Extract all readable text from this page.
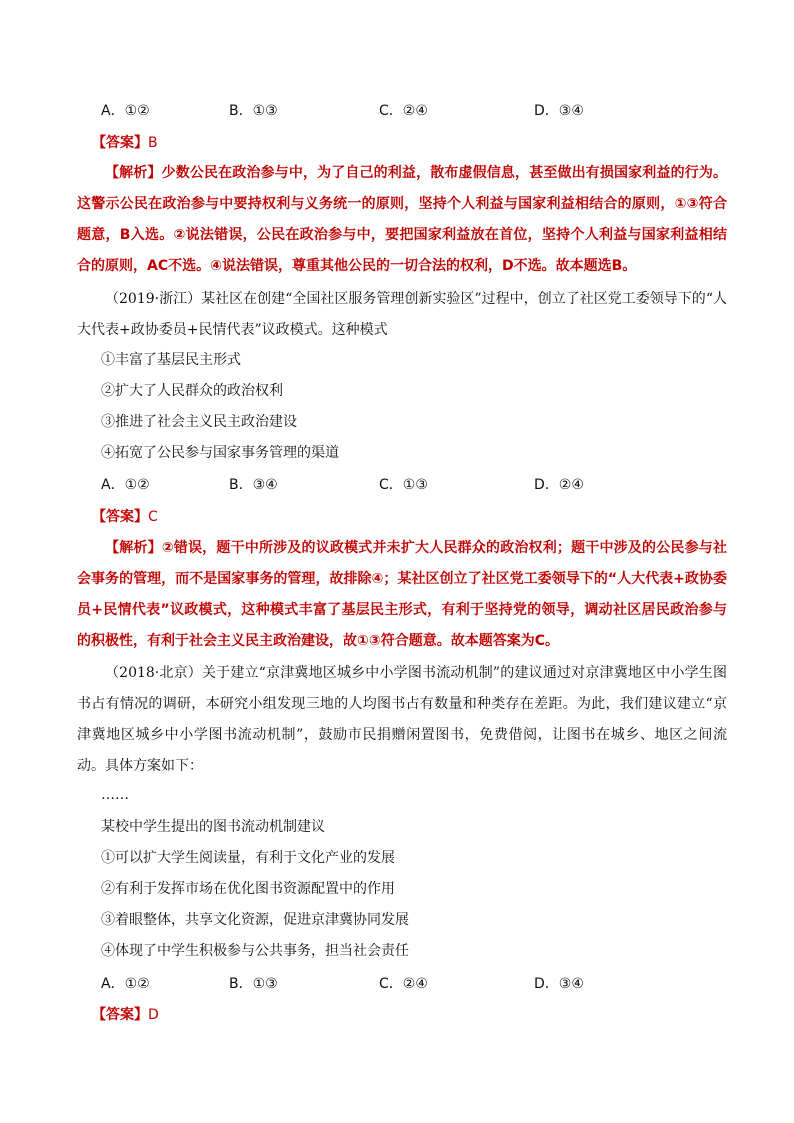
A．①②	B．①③	C．②④	D．③④
【答案】B
【解析】少数公民在政治参与中，为了自己的利益，散布虚假信息，甚至做出有损国家利益的行为。这警示公民在政治参与中要持权利与义务统一的原则，坚持个人利益与国家利益相结合的原则，①③符合题意，B入选。②说法错误，公民在政治参与中，要把国家利益放在首位，坚持个人利益与国家利益相结合的原则，AC不选。④说法错误，尊重其他公民的一切合法的权利，D不选。故本题选B。
（2019·浙江）某社区在创建“全国社区服务管理创新实验区”过程中，创立了社区党工委领导下的“人大代表+政协委员+民情代表”议政模式。这种模式
①丰富了基层民主形式
②扩大了人民群众的政治权利
③推进了社会主义民主政治建设
④拓宽了公民参与国家事务管理的渠道
A．①②	B．③④	C．①③	D．②④
【答案】C
【解析】②错误，题干中所涉及的议政模式并未扩大人民群众的政治权利；题干中涉及的公民参与社会事务的管理，而不是国家事务的管理，故排除④；某社区创立了社区党工委领导下的“人大代表+政协委员+民情代表”议政模式，这种模式丰富了基层民主形式，有利于坚持党的领导，调动社区居民政治参与的积极性，有利于社会主义民主政治建设，故①③符合题意。故本题答案为C。
（2018·北京）关于建立“京津冀地区城乡中小学图书流动机制”的建议通过对京津冀地区中小学生图书占有情况的调研，本研究小组发现三地的人均图书占有数量和种类存在差距。为此，我们建议建立“京津冀地区城乡中小学图书流动机制”，鼓励市民捐赠闲置图书，免费借阅，让图书在城乡、地区之间流动。具体方案如下：
……
某校中学生提出的图书流动机制建议
①可以扩大学生阅读量，有利于文化产业的发展
②有利于发挥市场在优化图书资源配置中的作用
③着眼整体，共享文化资源，促进京津冀协同发展
④体现了中学生积极参与公共事务，担当社会责任
A．①②	B．①③	C．②④	D．③④
【答案】D
